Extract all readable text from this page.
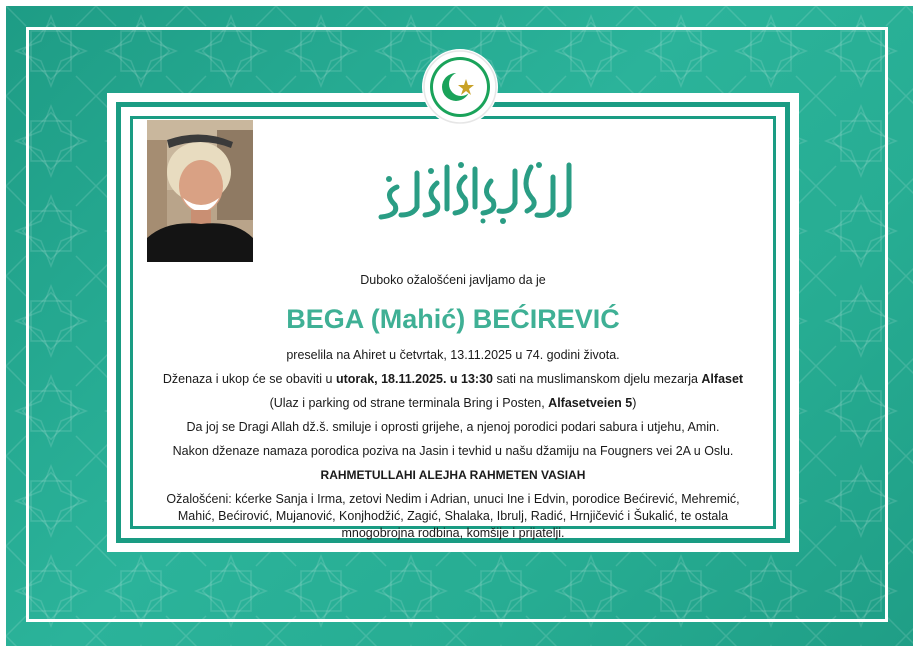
Duboko ožalošćeni javljamo da je
BEGA (Mahić) BEĆIREVIĆ
preselila na Ahiret u četvrtak, 13.11.2025 u 74. godini života.
Dženaza i ukop će se obaviti u utorak, 18.11.2025. u 13:30 sati na muslimanskom djelu mezarja Alfaset
(Ulaz i parking od strane terminala Bring i Posten, Alfasetveien 5)
Da joj se Dragi Allah dž.š. smiluje i oprosti grijehe, a njenoj porodici podari sabura i utjehu, Amin.
Nakon dženaze namaza porodica poziva na Jasin i tevhid u našu džamiju na Fougners vei 2A u Oslu.
RAHMETULLAHI ALEJHA RAHMETEN VASIAH
Ožalošćeni: kćerke Sanja i Irma, zetovi Nedim i Adrian, unuci Ine i Edvin, porodice Bećirević, Mehremić, Mahić, Bećirović, Mujanović, Konjhodžić, Zagić, Shalaka, Ibrulj, Radić, Hrnjičević i Šukalić, te ostala mnogobrojna rodbina, komšije i prijatelji.
